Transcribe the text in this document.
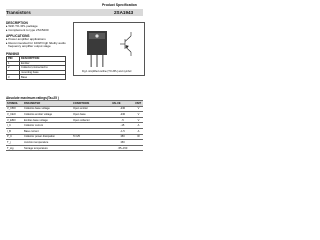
Product Specification
Transistors	2SA1943
DESCRIPTION
▸ With TO-3PL package
▸ Complement to type 2SC5200
APPLICATIONS
▸ Power amplifier applications
▸ Recommended for 100W high fidelity audio
frequency amplifier output stage
PINNING
PIN	DESCRIPTION
1	Emitter
2	Collector;connected to
	mounting base
3	Base
Fig.1 simplified outline (TO-3PL) and symbol
Absolute maximum ratings(Ta=25 )
SYMBOL	PARAMETER	CONDITIONS	VALUE	UNIT
V_CBO	Collector-base voltage	Open emitter	-230	V
V_CEO	Collector-emitter voltage	Open base	-230	V
V_EBO	Emitter-base voltage	Open collector	-5	V
I_C	Collector current		-15	A
I_B	Base current		-1.5	A
P_C	Collector power dissipation	Tc=25	150	W
T_j	Junction temperature		150	
T_stg	Storage temperature		-55~150	
